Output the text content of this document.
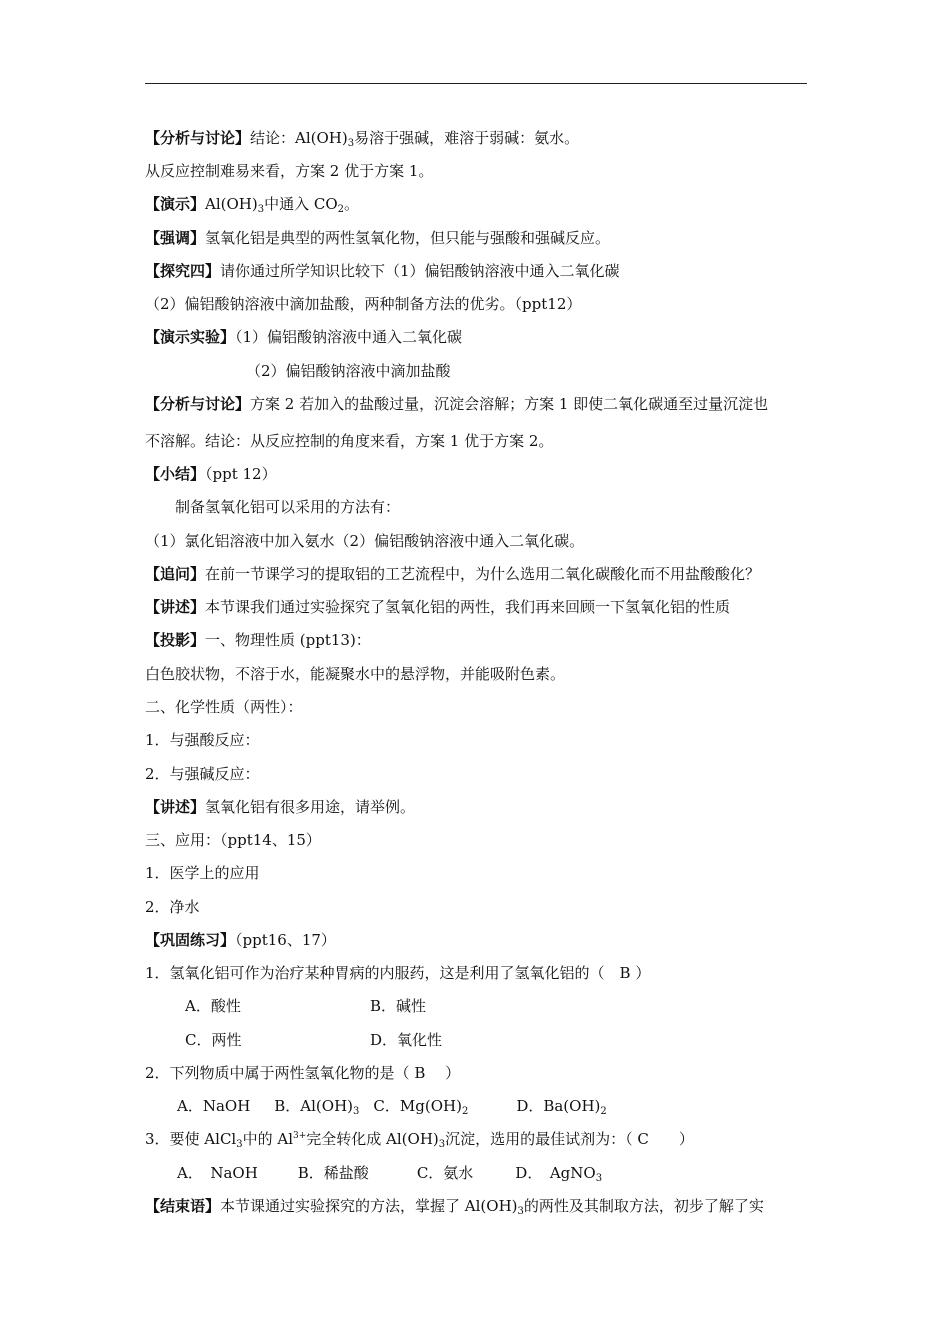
【分析与讨论】结论：$Al(OH)_3$易溶于强碱，难溶于弱碱：氨水。
从反应控制难易来看，方案 2 优于方案 1。
【演示】$Al(OH)_3$中通入 $CO_2$。
【强调】氢氧化铝是典型的两性氢氧化物，但只能与强酸和强碱反应。
【探究四】请你通过所学知识比较下（1）偏铝酸钠溶液中通入二氧化碳
（2）偏铝酸钠溶液中滴加盐酸，两种制备方法的优劣。（ppt12）
【演示实验】（1）偏铝酸钠溶液中通入二氧化碳
（2）偏铝酸钠溶液中滴加盐酸
【分析与讨论】方案 2 若加入的盐酸过量，沉淀会溶解；方案 1 即使二氧化碳通至过量沉淀也
不溶解。结论：从反应控制的角度来看，方案 1 优于方案 2。
【小结】（ppt 12）
制备氢氧化铝可以采用的方法有：
（1）氯化铝溶液中加入氨水（2）偏铝酸钠溶液中通入二氧化碳。
【追问】在前一节课学习的提取铝的工艺流程中，为什么选用二氧化碳酸化而不用盐酸酸化？
【讲述】本节课我们通过实验探究了氢氧化铝的两性，我们再来回顾一下氢氧化铝的性质
【投影】一、物理性质 (ppt13)：
白色胶状物，不溶于水，能凝聚水中的悬浮物，并能吸附色素。
二、化学性质（两性）：
1．与强酸反应：
2．与强碱反应：
【讲述】氢氧化铝有很多用途，请举例。
三、应用：（ppt14、15）
1．医学上的应用
2．净水
【巩固练习】（ppt16、17）
1．氢氧化铝可作为治疗某种胃病的内服药，这是利用了氢氧化铝的（　B ）
A．酸性	B．碱性
C．两性	D．氧化性
2．下列物质中属于两性氢氧化物的是（ B　 ）
A．NaOH B．$Al(OH)_3$ C．$Mg(OH)_2$	D．$Ba(OH)_2$
3．要使 AlCl$_3$中的 $Al^{3+}$完全转化成 $Al(OH)_3$沉淀，选用的最佳试剂为：（ C　　）
A．　NaOH	B．稀盐酸	C．氨水	D．　AgNO$_3$
【结束语】本节课通过实验探究的方法，掌握了 $Al(OH)_3$的两性及其制取方法，初步了解了实
